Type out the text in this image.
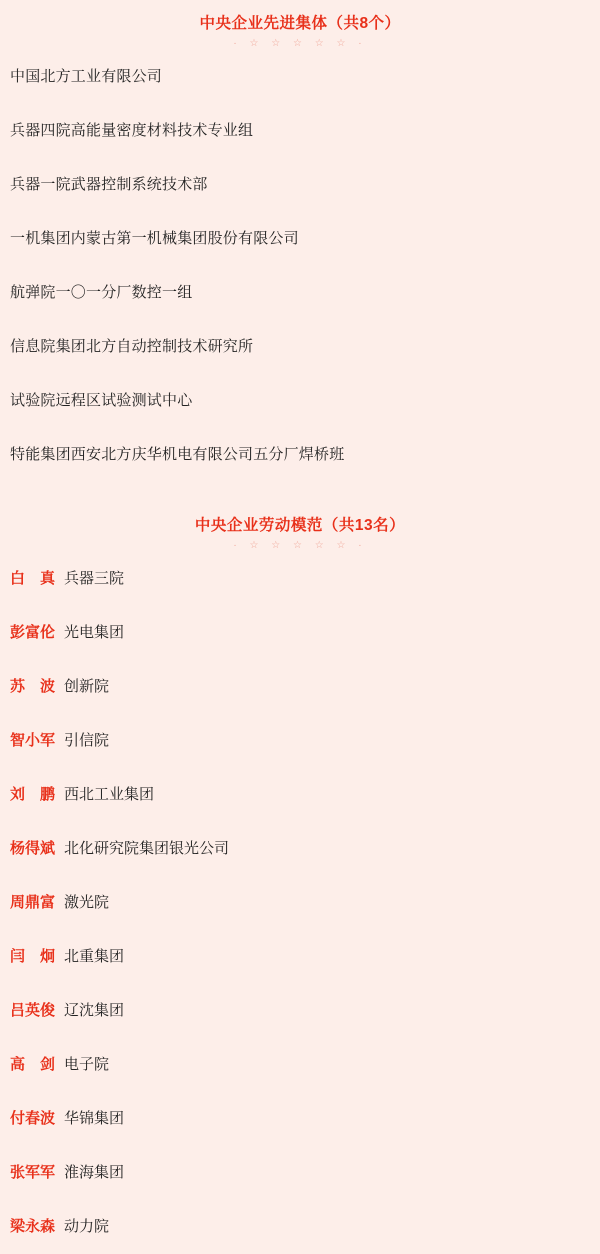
中央企业先进集体（共8个）
· ☆ ☆ ☆ ☆ ☆ ·
中国北方工业有限公司
兵器四院高能量密度材料技术专业组
兵器一院武器控制系统技术部
一机集团内蒙古第一机械集团股份有限公司
航弹院一〇一分厂数控一组
信息院集团北方自动控制技术研究所
试验院远程区试验测试中心
特能集团西安北方庆华机电有限公司五分厂焊桥班
中央企业劳动模范（共13名）
· ☆ ☆ ☆ ☆ ☆ ·
白　真 兵器三院
彭富伦 光电集团
苏　波 创新院
智小军 引信院
刘　鹏 西北工业集团
杨得斌 北化研究院集团银光公司
周鼎富 激光院
闫　炯 北重集团
吕英俊 辽沈集团
高　剑 电子院
付春波 华锦集团
张军军 淮海集团
梁永森 动力院
